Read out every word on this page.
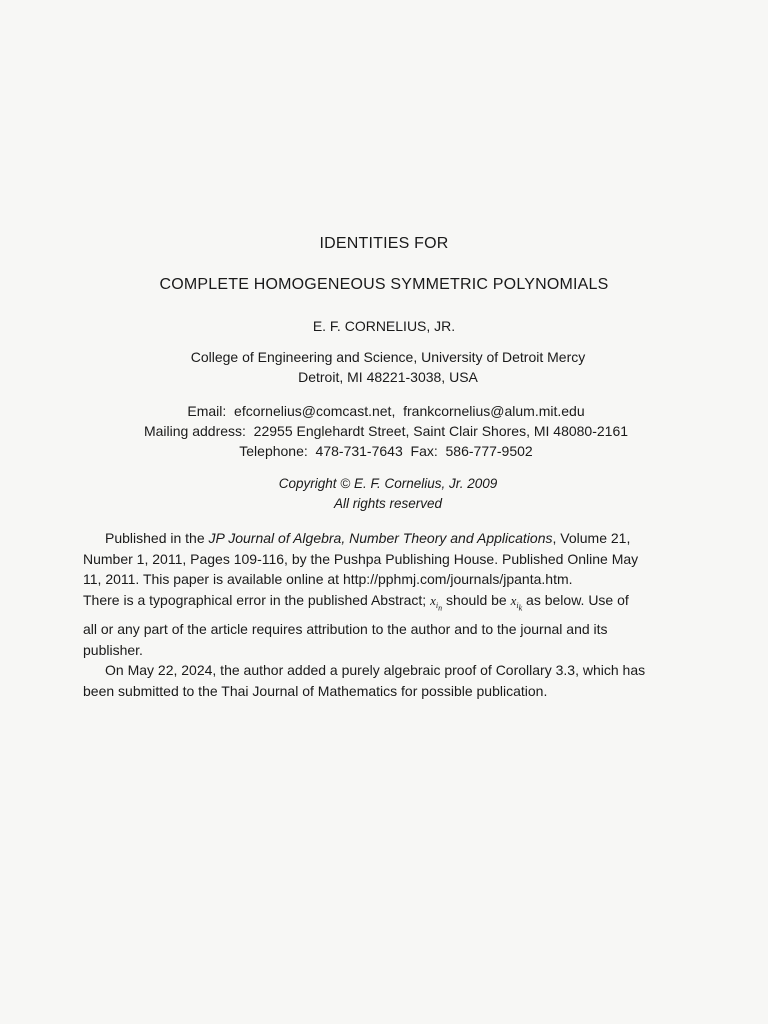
IDENTITIES FOR
COMPLETE HOMOGENEOUS SYMMETRIC POLYNOMIALS
E. F. CORNELIUS, JR.
College of Engineering and Science, University of Detroit Mercy
Detroit, MI 48221-3038, USA
Email:  efcornelius@comcast.net,  frankcornelius@alum.mit.edu
Mailing address:  22955 Englehardt Street, Saint Clair Shores, MI 48080-2161
Telephone:  478-731-7643  Fax:  586-777-9502
Copyright © E. F. Cornelius, Jr. 2009
All rights reserved
Published in the JP Journal of Algebra, Number Theory and Applications, Volume 21,
Number 1, 2011, Pages 109-116, by the Pushpa Publishing House. Published Online May
11, 2011. This paper is available online at http://pphmj.com/journals/jpanta.htm.
There is a typographical error in the published Abstract; $x_{i_n}$ should be $x_{i_k}$ as below. Use of
all or any part of the article requires attribution to the author and to the journal and its
publisher.
On May 22, 2024, the author added a purely algebraic proof of Corollary 3.3, which has
been submitted to the Thai Journal of Mathematics for possible publication.
